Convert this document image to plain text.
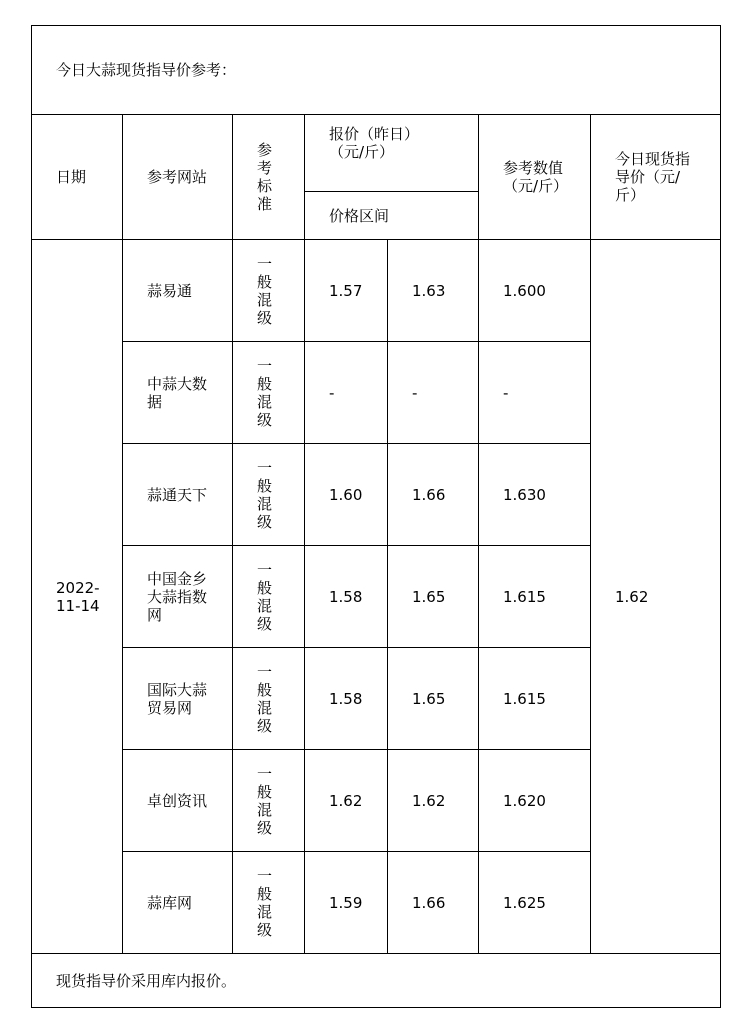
今日大蒜现货指导价参考：						
日期	参考网站	参考标准	报价（昨日）（元/斤）		参考数值（元/斤）	今日现货指导价（元/斤）
			价格区间			
2022-11-14	蒜易通	一般混级	1.57	1.63	1.600	1.62
	中蒜大数据	一般混级	-	-	-	
	蒜通天下	一般混级	1.60	1.66	1.630	
	中国金乡大蒜指数网	一般混级	1.58	1.65	1.615	
	国际大蒜贸易网	一般混级	1.58	1.65	1.615	
	卓创资讯	一般混级	1.62	1.62	1.620	
	蒜库网	一般混级	1.59	1.66	1.625	
现货指导价采用库内报价。						
